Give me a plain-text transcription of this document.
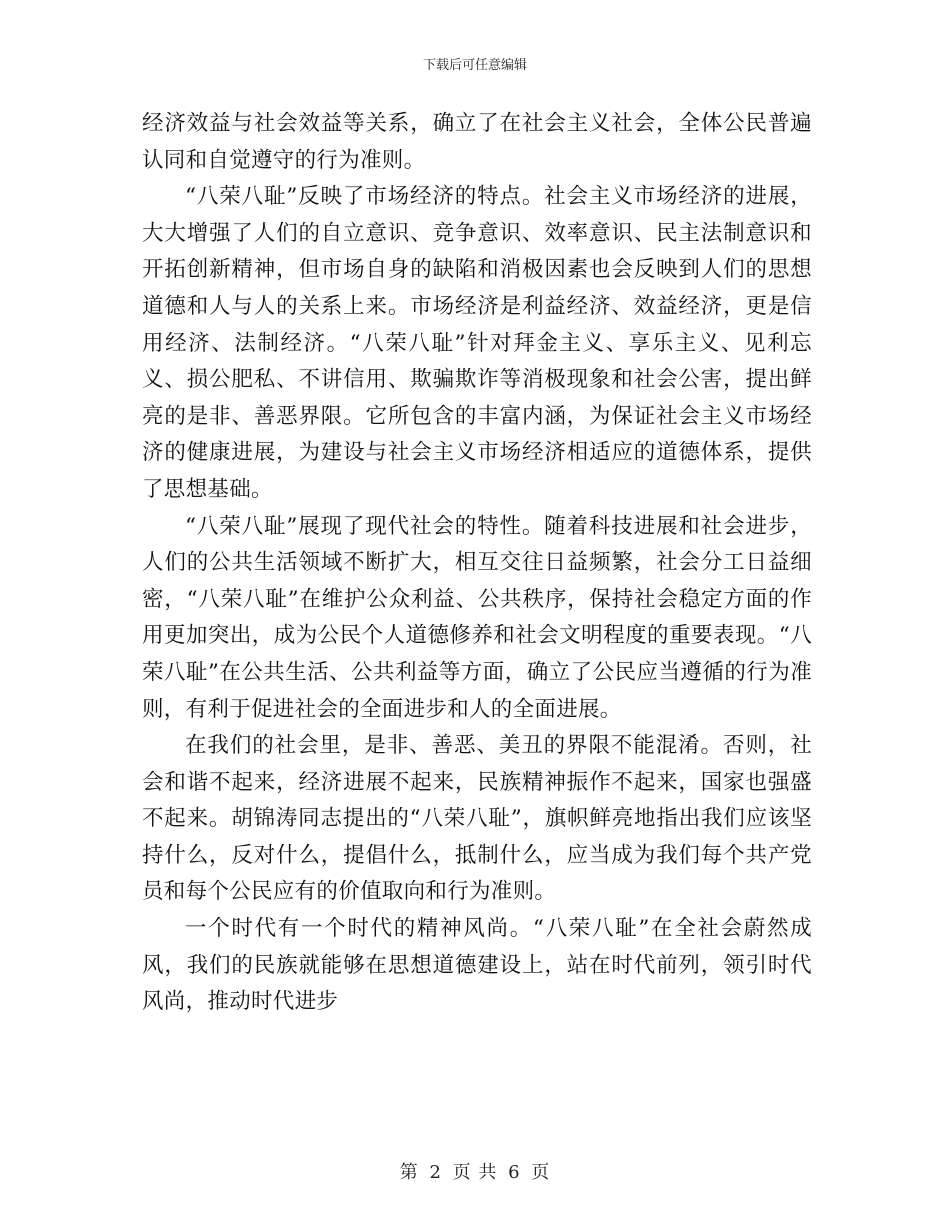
下载后可任意编辑

经济效益与社会效益等关系，确立了在社会主义社会，全体公民普遍认同和自觉遵守的行为准则。

“八荣八耻”反映了市场经济的特点。社会主义市场经济的进展，大大增强了人们的自立意识、竞争意识、效率意识、民主法制意识和开拓创新精神，但市场自身的缺陷和消极因素也会反映到人们的思想道德和人与人的关系上来。市场经济是利益经济、效益经济，更是信用经济、法制经济。“八荣八耻”针对拜金主义、享乐主义、见利忘义、损公肥私、不讲信用、欺骗欺诈等消极现象和社会公害，提出鲜亮的是非、善恶界限。它所包含的丰富内涵，为保证社会主义市场经济的健康进展，为建设与社会主义市场经济相适应的道德体系，提供了思想基础。

“八荣八耻”展现了现代社会的特性。随着科技进展和社会进步，人们的公共生活领域不断扩大，相互交往日益频繁，社会分工日益细密，“八荣八耻”在维护公众利益、公共秩序，保持社会稳定方面的作用更加突出，成为公民个人道德修养和社会文明程度的重要表现。“八荣八耻”在公共生活、公共利益等方面，确立了公民应当遵循的行为准则，有利于促进社会的全面进步和人的全面进展。

在我们的社会里，是非、善恶、美丑的界限不能混淆。否则，社会和谐不起来，经济进展不起来，民族精神振作不起来，国家也强盛不起来。胡锦涛同志提出的“八荣八耻”，旗帜鲜亮地指出我们应该坚持什么，反对什么，提倡什么，抵制什么，应当成为我们每个共产党员和每个公民应有的价值取向和行为准则。

一个时代有一个时代的精神风尚。“八荣八耻”在全社会蔚然成风，我们的民族就能够在思想道德建设上，站在时代前列，领引时代风尚，推动时代进步

第 2 页 共 6 页
